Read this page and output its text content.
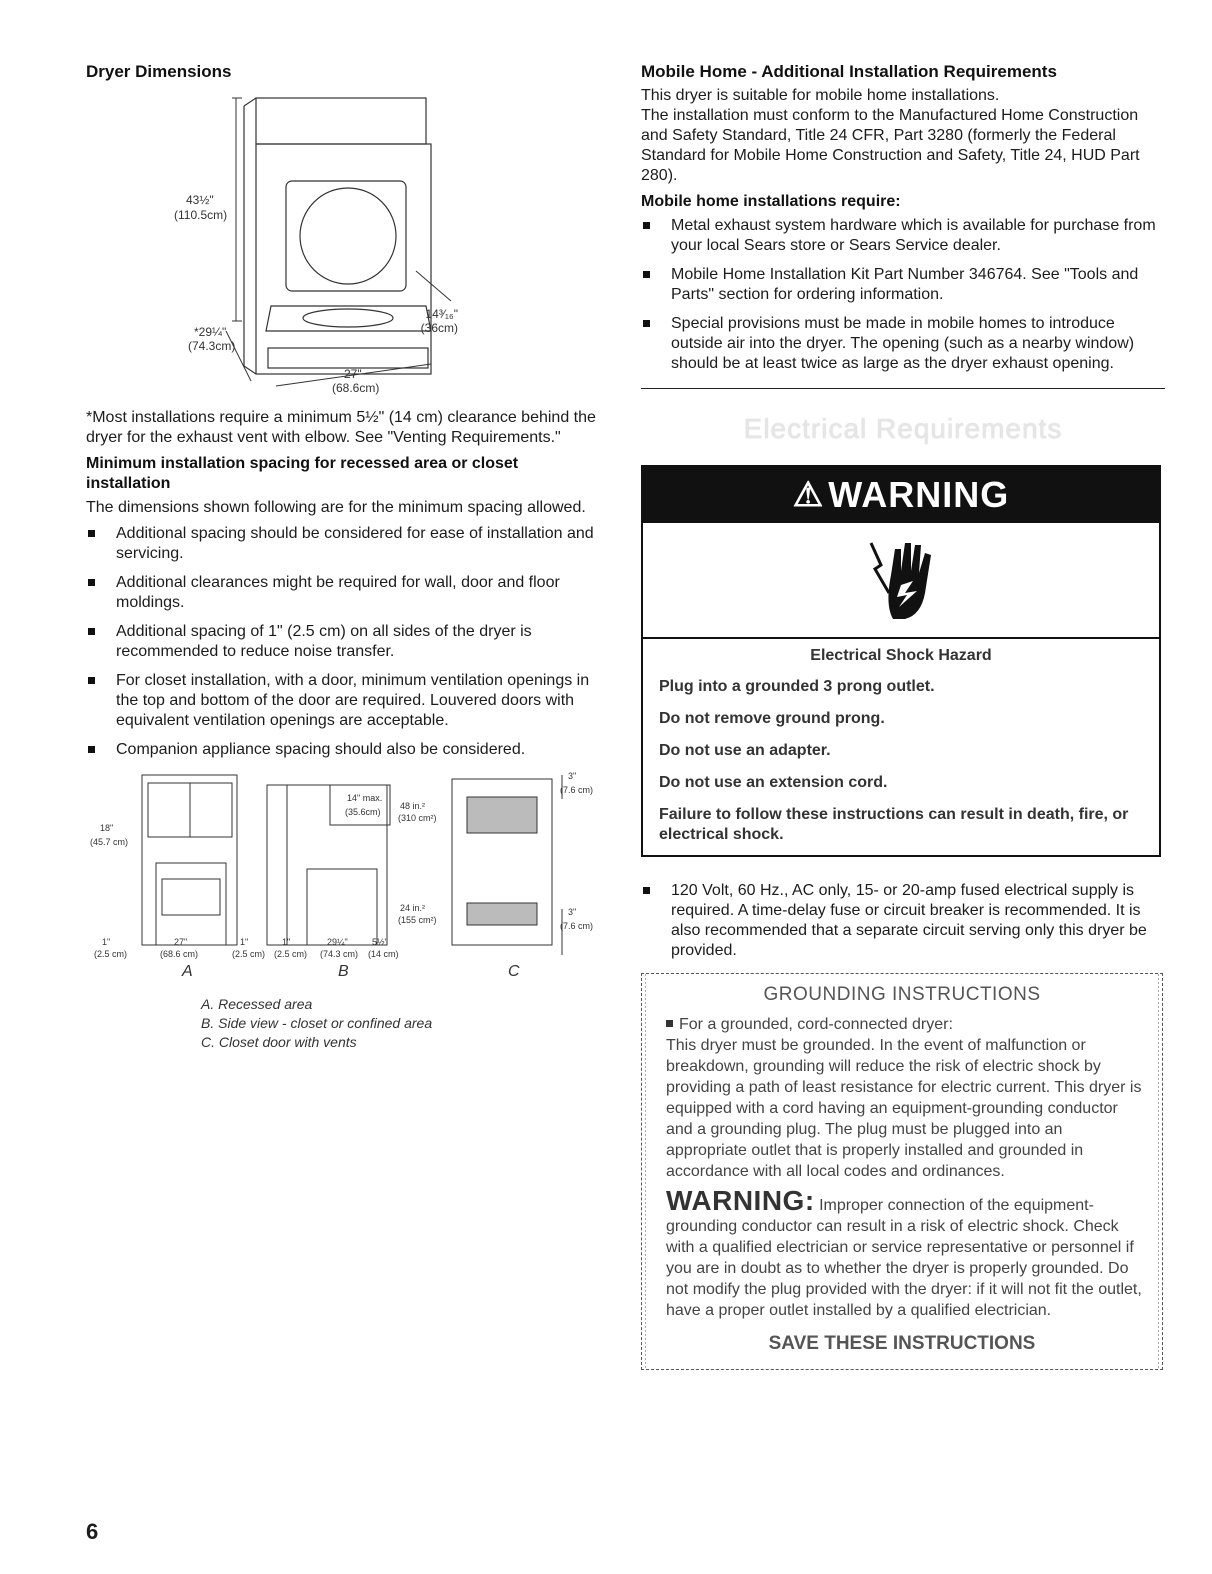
Dryer Dimensions
43½"
(110.5cm)
*29¼"
(74.3cm)
14³⁄₁₆"
(36cm)
27"
(68.6cm)

*Most installations require a minimum 5½" (14 cm) clearance behind the dryer for the exhaust vent with elbow. See "Venting Requirements."

Minimum installation spacing for recessed area or closet installation

The dimensions shown following are for the minimum spacing allowed.

Additional spacing should be considered for ease of installation and servicing.
Additional clearances might be required for wall, door and floor moldings.
Additional spacing of 1" (2.5 cm) on all sides of the dryer is recommended to reduce noise transfer.
For closet installation, with a door, minimum ventilation openings in the top and bottom of the door are required. Louvered doors with equivalent ventilation openings are acceptable.
Companion appliance spacing should also be considered.
18"
(45.7 cm)
1"
(2.5 cm)
27"
(68.6 cm)
1"
(2.5 cm)
14" max.
(35.6cm)
1"
(2.5 cm)
29¼"
(74.3 cm)
5½"
(14 cm)
48 in.²
(310 cm²)
24 in.²
(155 cm²)
3"
(7.6 cm)
3"
(7.6 cm)
A	B	C
A. Recessed area
B. Side view - closet or confined area
C. Closet door with vents
Mobile Home - Additional Installation Requirements

This dryer is suitable for mobile home installations.

The installation must conform to the Manufactured Home Construction and Safety Standard, Title 24 CFR, Part 3280 (formerly the Federal Standard for Mobile Home Construction and Safety, Title 24, HUD Part 280).

Mobile home installations require:
Metal exhaust system hardware which is available for purchase from your local Sears store or Sears Service dealer.
Mobile Home Installation Kit Part Number 346764. See "Tools and Parts" section for ordering information.
Special provisions must be made in mobile homes to introduce outside air into the dryer. The opening (such as a nearby window) should be at least twice as large as the dryer exhaust opening.
Electrical Requirements
⚠ WARNING
Electrical Shock Hazard
Plug into a grounded 3 prong outlet.
Do not remove ground prong.
Do not use an adapter.
Do not use an extension cord.
Failure to follow these instructions can result in death, fire, or electrical shock.
120 Volt, 60 Hz., AC only, 15- or 20-amp fused electrical supply is required. A time-delay fuse or circuit breaker is recommended. It is also recommended that a separate circuit serving only this dryer be provided.
GROUNDING INSTRUCTIONS
For a grounded, cord-connected dryer:
This dryer must be grounded. In the event of malfunction or breakdown, grounding will reduce the risk of electric shock by providing a path of least resistance for electric current. This dryer is equipped with a cord having an equipment-grounding conductor and a grounding plug. The plug must be plugged into an appropriate outlet that is properly installed and grounded in accordance with all local codes and ordinances.
WARNING: Improper connection of the equipment-grounding conductor can result in a risk of electric shock. Check with a qualified electrician or service representative or personnel if you are in doubt as to whether the dryer is properly grounded. Do not modify the plug provided with the dryer: if it will not fit the outlet, have a proper outlet installed by a qualified electrician.
SAVE THESE INSTRUCTIONS
6
